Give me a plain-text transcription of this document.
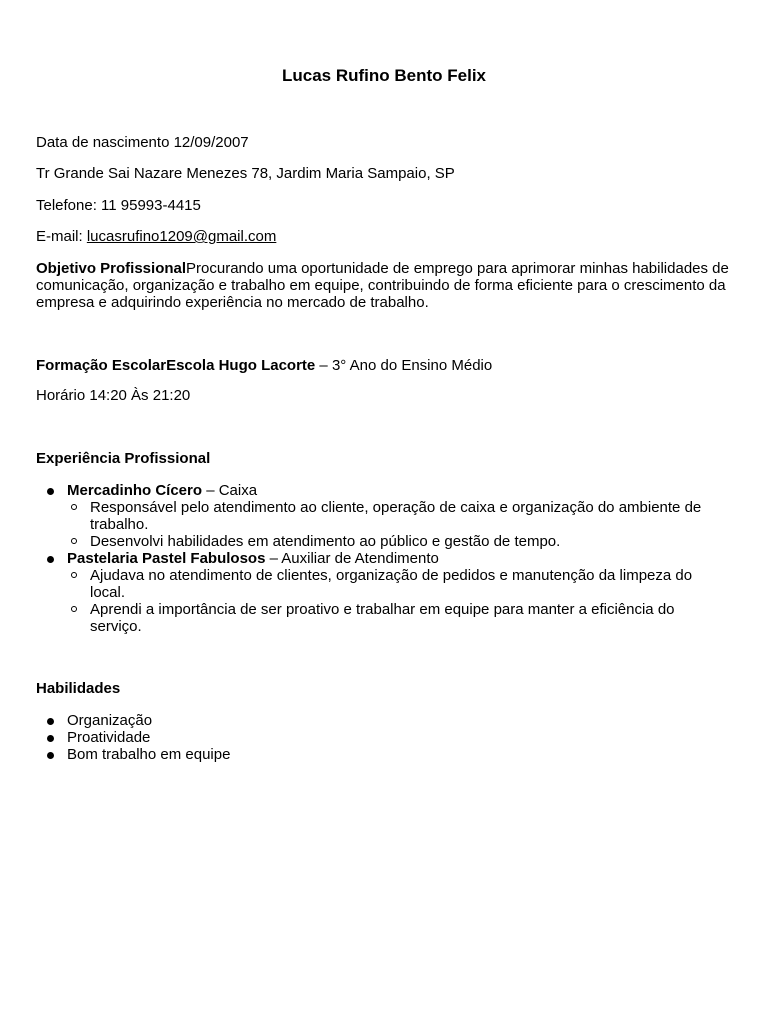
Lucas Rufino Bento Felix
Data de nascimento 12/09/2007
Tr Grande Sai Nazare Menezes 78, Jardim Maria Sampaio, SP
Telefone: 11 95993-4415
E-mail: lucasrufino1209@gmail.com
Objetivo ProfissionalProcurando uma oportunidade de emprego para aprimorar minhas habilidades de comunicação, organização e trabalho em equipe, contribuindo de forma eficiente para o crescimento da empresa e adquirindo experiência no mercado de trabalho.
Formação EscolarEscola Hugo Lacorte – 3° Ano do Ensino Médio
Horário 14:20 Às 21:20
Experiência Profissional
Mercadinho Cícero – Caixa
Responsável pelo atendimento ao cliente, operação de caixa e organização do ambiente de trabalho.
Desenvolvi habilidades em atendimento ao público e gestão de tempo.
Pastelaria Pastel Fabulosos – Auxiliar de Atendimento
Ajudava no atendimento de clientes, organização de pedidos e manutenção da limpeza do local.
Aprendi a importância de ser proativo e trabalhar em equipe para manter a eficiência do serviço.
Habilidades
Organização
Proatividade
Bom trabalho em equipe
